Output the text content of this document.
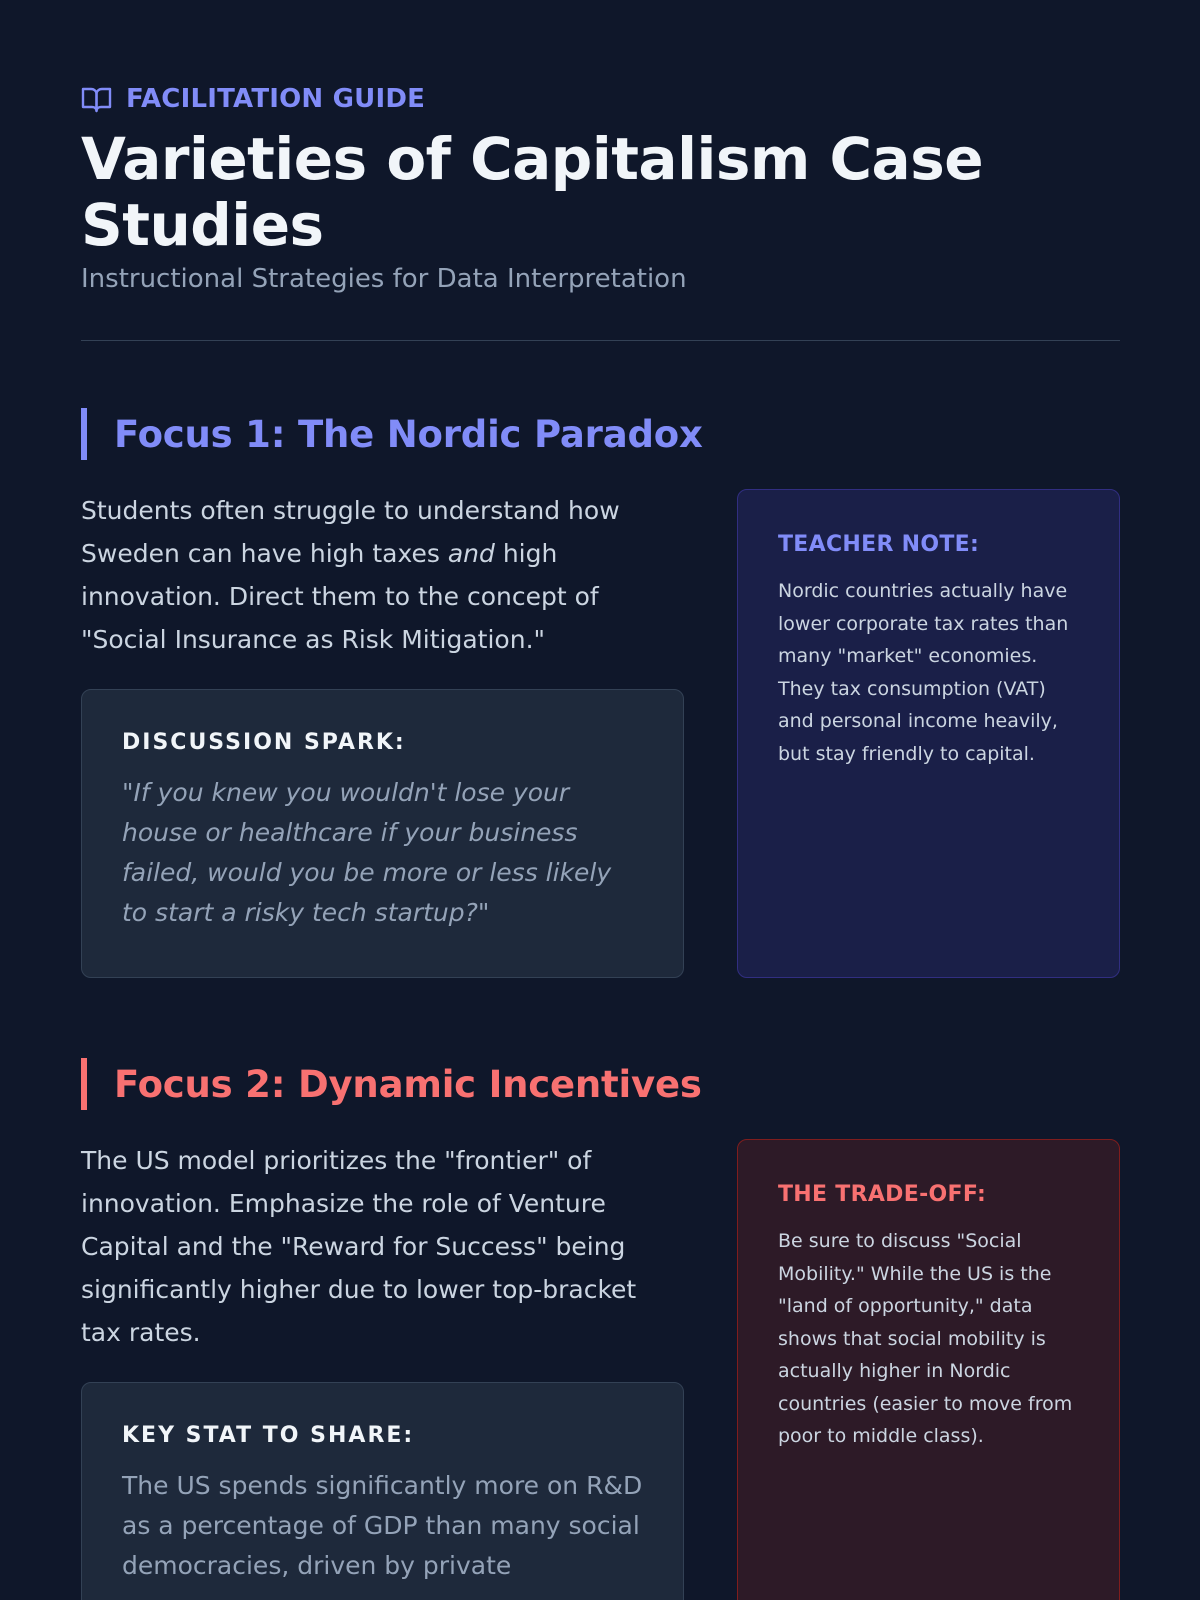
FACILITATION GUIDE
Varieties of Capitalism Case Studies
Instructional Strategies for Data Interpretation
Focus 1: The Nordic Paradox

Students often struggle to understand how Sweden can have high taxes and high innovation. Direct them to the concept of "Social Insurance as Risk Mitigation."

DISCUSSION SPARK:
"If you knew you wouldn't lose your house or healthcare if your business failed, would you be more or less likely to start a risky tech startup?"
TEACHER NOTE:
Nordic countries actually have lower corporate tax rates than many "market" economies. They tax consumption (VAT) and personal income heavily, but stay friendly to capital.
Focus 2: Dynamic Incentives

The US model prioritizes the "frontier" of innovation. Emphasize the role of Venture Capital and the "Reward for Success" being significantly higher due to lower top-bracket tax rates.

KEY STAT TO SHARE:
The US spends significantly more on R&D as a percentage of GDP than many social democracies, driven by private
THE TRADE-OFF:
Be sure to discuss "Social Mobility." While the US is the "land of opportunity," data shows that social mobility is actually higher in Nordic countries (easier to move from poor to middle class).
